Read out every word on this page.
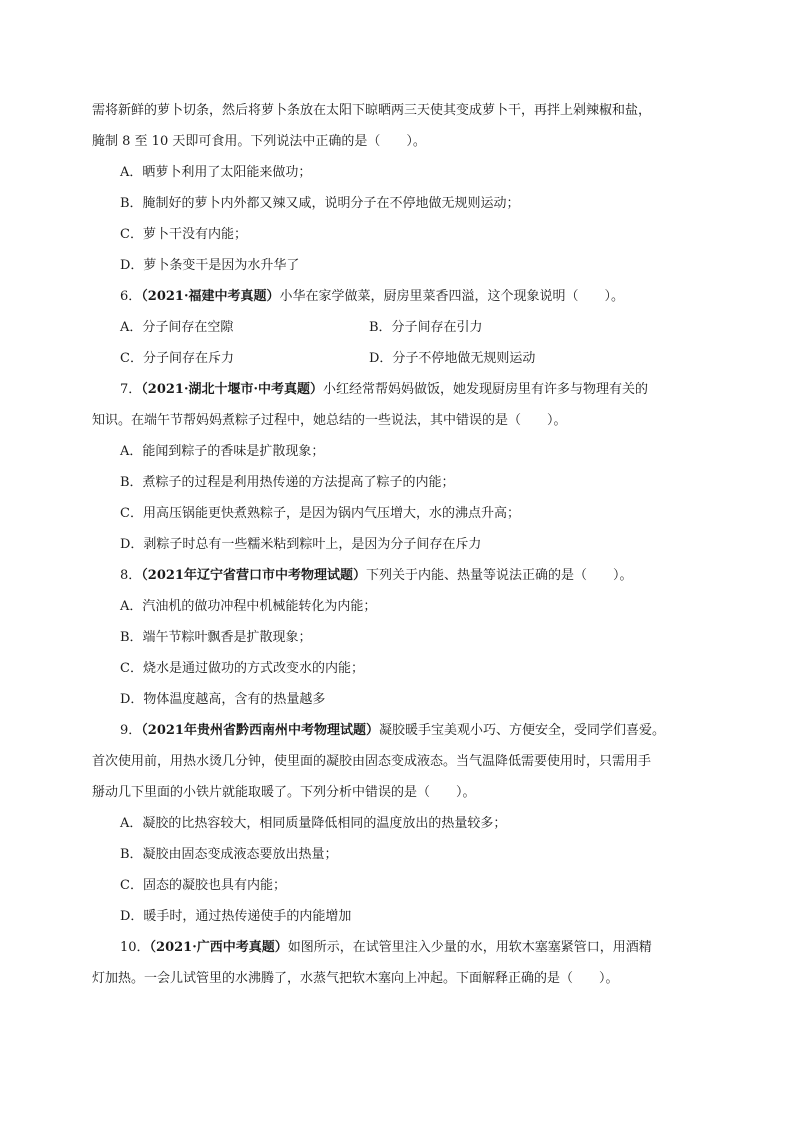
需将新鲜的萝卜切条，然后将萝卜条放在太阳下晾晒两三天使其变成萝卜干，再拌上剁辣椒和盐，
腌制 8 至 10 天即可食用。下列说法中正确的是（　　）。
A．晒萝卜利用了太阳能来做功；
B．腌制好的萝卜内外都又辣又咸，说明分子在不停地做无规则运动；
C．萝卜干没有内能；
D．萝卜条变干是因为水升华了
6．（2021·福建中考真题）小华在家学做菜，厨房里菜香四溢，这个现象说明（　　）。
A．分子间存在空隙	B．分子间存在引力
C．分子间存在斥力	D．分子不停地做无规则运动
7．（2021·湖北十堰市·中考真题）小红经常帮妈妈做饭，她发现厨房里有许多与物理有关的
知识。在端午节帮妈妈煮粽子过程中，她总结的一些说法，其中错误的是（　　）。
A．能闻到粽子的香味是扩散现象；
B．煮粽子的过程是利用热传递的方法提高了粽子的内能；
C．用高压锅能更快煮熟粽子，是因为锅内气压增大，水的沸点升高；
D．剥粽子时总有一些糯米粘到粽叶上，是因为分子间存在斥力
8．（2021年辽宁省营口市中考物理试题）下列关于内能、热量等说法正确的是（　　）。
A．汽油机的做功冲程中机械能转化为内能；
B．端午节粽叶飘香是扩散现象；
C．烧水是通过做功的方式改变水的内能；
D．物体温度越高，含有的热量越多
9．（2021年贵州省黔西南州中考物理试题）凝胶暖手宝美观小巧、方便安全，受同学们喜爱。
首次使用前，用热水烫几分钟，使里面的凝胶由固态变成液态。当气温降低需要使用时，只需用手
掰动几下里面的小铁片就能取暖了。下列分析中错误的是（　　）。
A．凝胶的比热容较大，相同质量降低相同的温度放出的热量较多；
B．凝胶由固态变成液态要放出热量；
C．固态的凝胶也具有内能；
D．暖手时，通过热传递使手的内能增加
10．（2021·广西中考真题）如图所示，在试管里注入少量的水，用软木塞塞紧管口，用酒精
灯加热。一会儿试管里的水沸腾了，水蒸气把软木塞向上冲起。下面解释正确的是（　　）。
